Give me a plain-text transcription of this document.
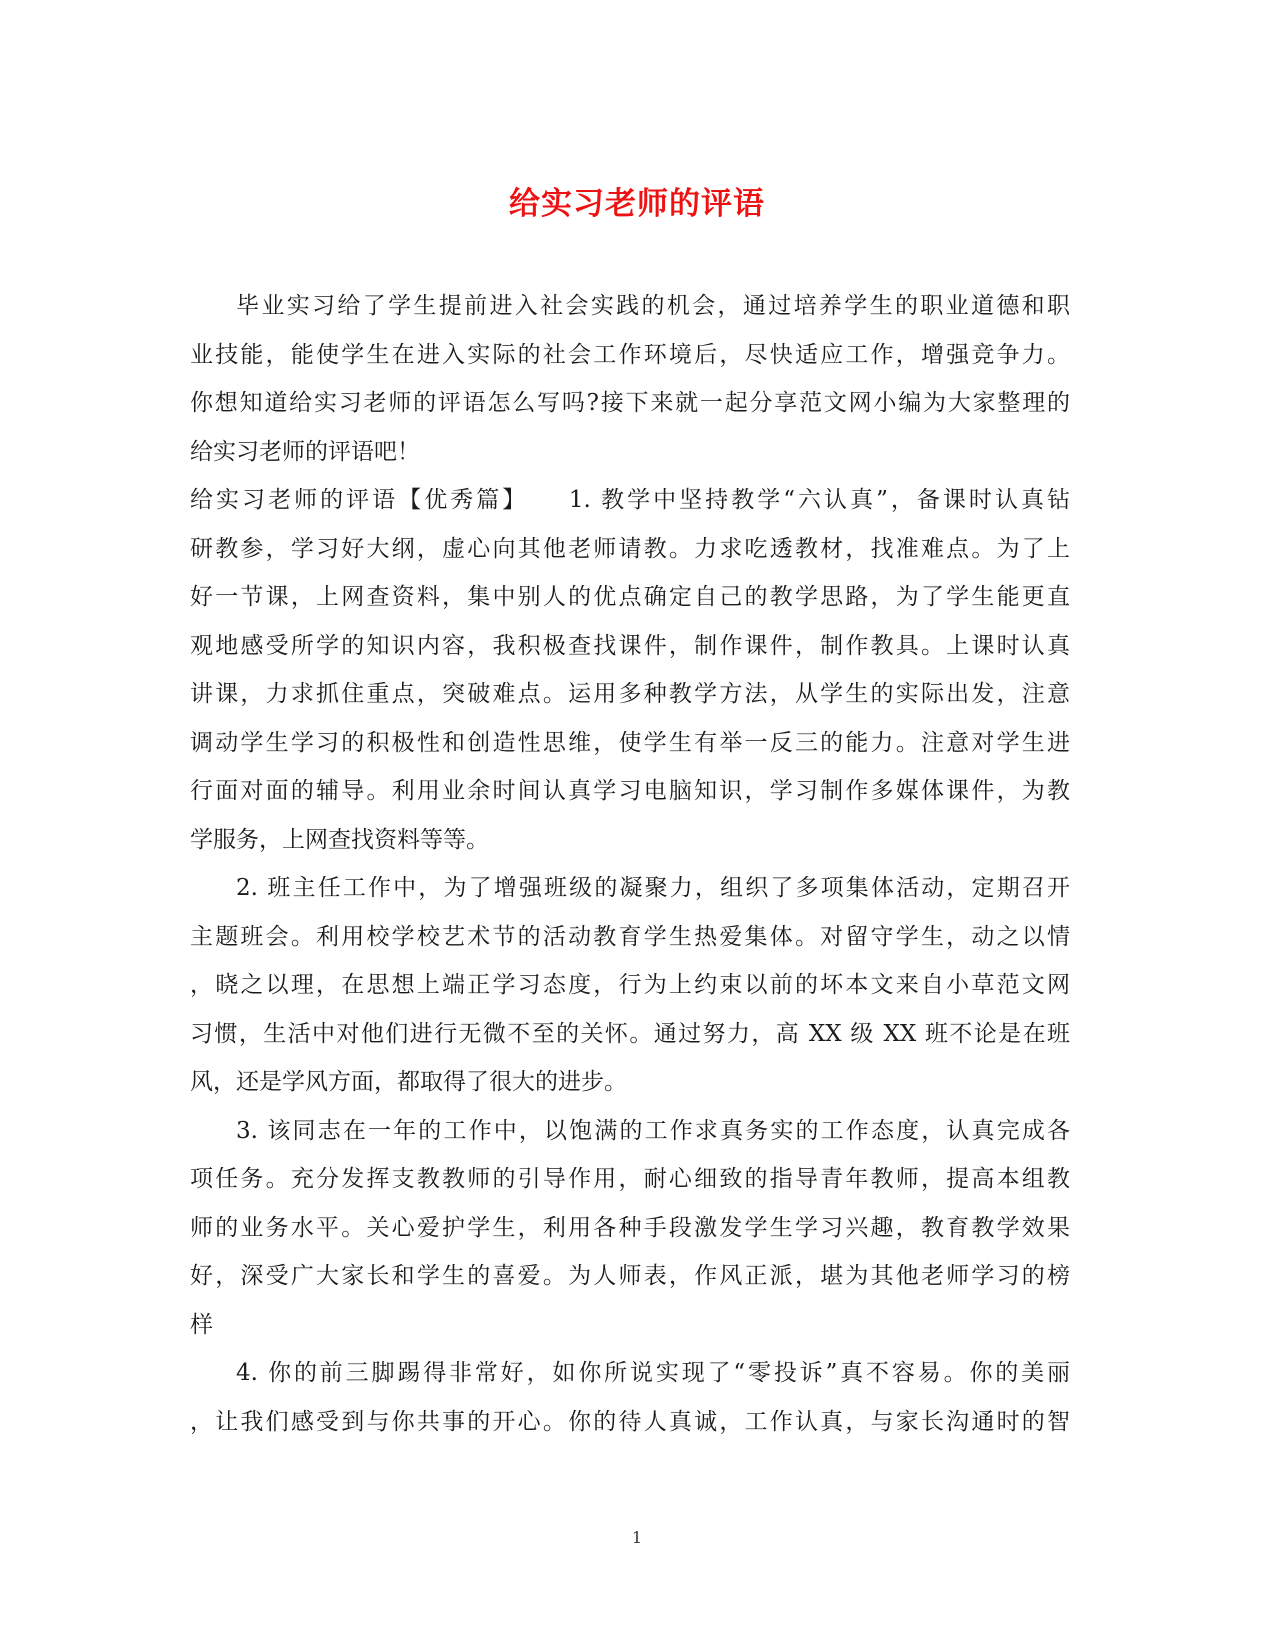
给实习老师的评语
毕业实习给了学生提前进入社会实践的机会，通过培养学生的职业道德和职
业技能，能使学生在进入实际的社会工作环境后，尽快适应工作，增强竞争力。
你想知道给实习老师的评语怎么写吗?接下来就一起分享范文网小编为大家整理的
给实习老师的评语吧！
给实习老师的评语【优秀篇】　　1. 教学中坚持教学“六认真”，备课时认真钻
研教参，学习好大纲，虚心向其他老师请教。力求吃透教材，找准难点。为了上
好一节课，上网查资料，集中别人的优点确定自己的教学思路，为了学生能更直
观地感受所学的知识内容，我积极查找课件，制作课件，制作教具。上课时认真
讲课，力求抓住重点，突破难点。运用多种教学方法，从学生的实际出发，注意
调动学生学习的积极性和创造性思维，使学生有举一反三的能力。注意对学生进
行面对面的辅导。利用业余时间认真学习电脑知识，学习制作多媒体课件，为教
学服务，上网查找资料等等。
2. 班主任工作中，为了增强班级的凝聚力，组织了多项集体活动，定期召开
主题班会。利用校学校艺术节的活动教育学生热爱集体。对留守学生，动之以情
，晓之以理，在思想上端正学习态度，行为上约束以前的坏本文来自小草范文网
习惯，生活中对他们进行无微不至的关怀。通过努力，高 XX 级 XX 班不论是在班
风，还是学风方面，都取得了很大的进步。
3. 该同志在一年的工作中，以饱满的工作求真务实的工作态度，认真完成各
项任务。充分发挥支教教师的引导作用，耐心细致的指导青年教师，提高本组教
师的业务水平。关心爱护学生，利用各种手段激发学生学习兴趣，教育教学效果
好，深受广大家长和学生的喜爱。为人师表，作风正派，堪为其他老师学习的榜
样
4. 你的前三脚踢得非常好，如你所说实现了“零投诉”真不容易。你的美丽
，让我们感受到与你共事的开心。你的待人真诚，工作认真，与家长沟通时的智
1
